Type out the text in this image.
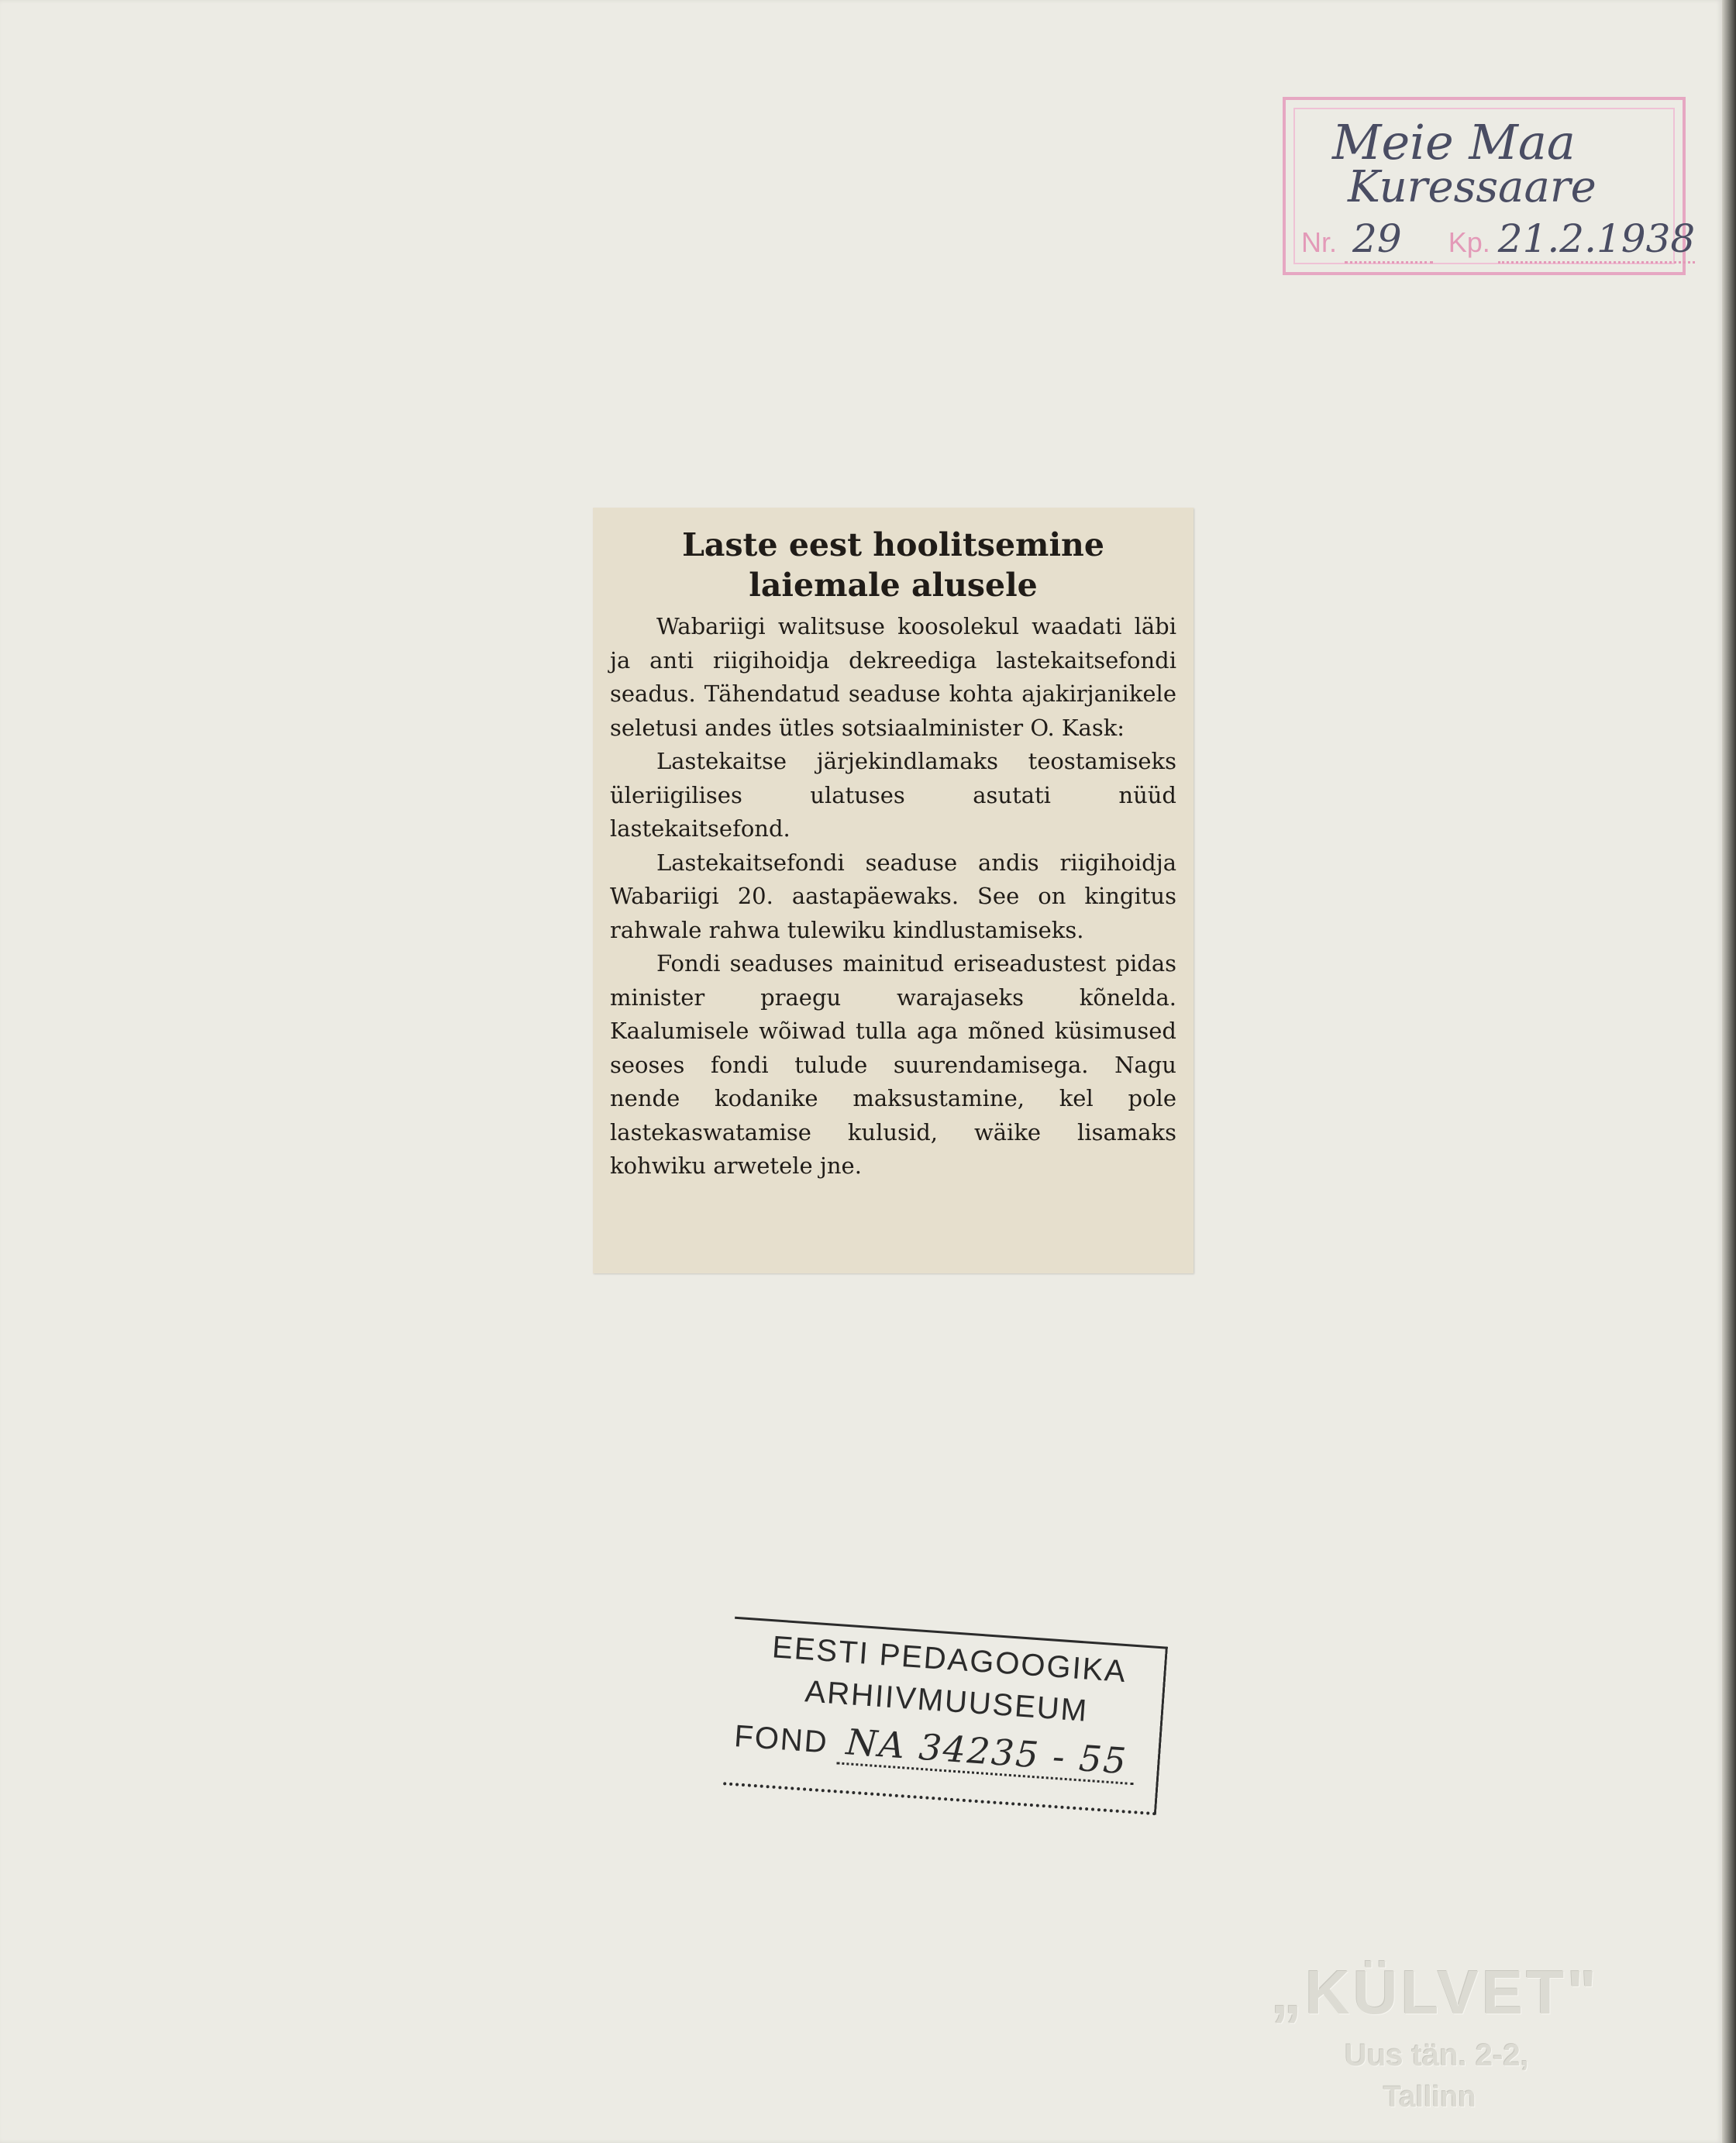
Meie Maa
Kuressaare
Nr. 29 Kp. 21.2.1938
Laste eest hoolitsemine laiemale alusele

Wabariigi walitsuse koosolekul waadati läbi ja anti riigihoidja dekreediga lastekaitsefondi seadus. Tähendatud seaduse kohta ajakirjanikele seletusi andes ütles sotsiaalminister O. Kask:

Lastekaitse järjekindlamaks teostamiseks üleriigilises ulatuses asutati nüüd lastekaitsefond.

Lastekaitsefondi seaduse andis riigihoidja Wabariigi 20. aastapäewaks. See on kingitus rahwale rahwa tulewiku kindlustamiseks.

Fondi seaduses mainitud eriseadustest pidas minister praegu warajaseks kõnelda. Kaalumisele wõiwad tulla aga mõned küsimused seoses fondi tulude suurendamisega. Nagu nende kodanike maksustamine, kel pole lastekaswatamise kulusid, wäike lisamaks kohwiku arwetele jne.

EESTI PEDAGOOGIKA
ARHIIVMUUSEUM
FOND NA 34235 - 55
„KÜLVET"
Uus tän. 2-2,
Tallinn
